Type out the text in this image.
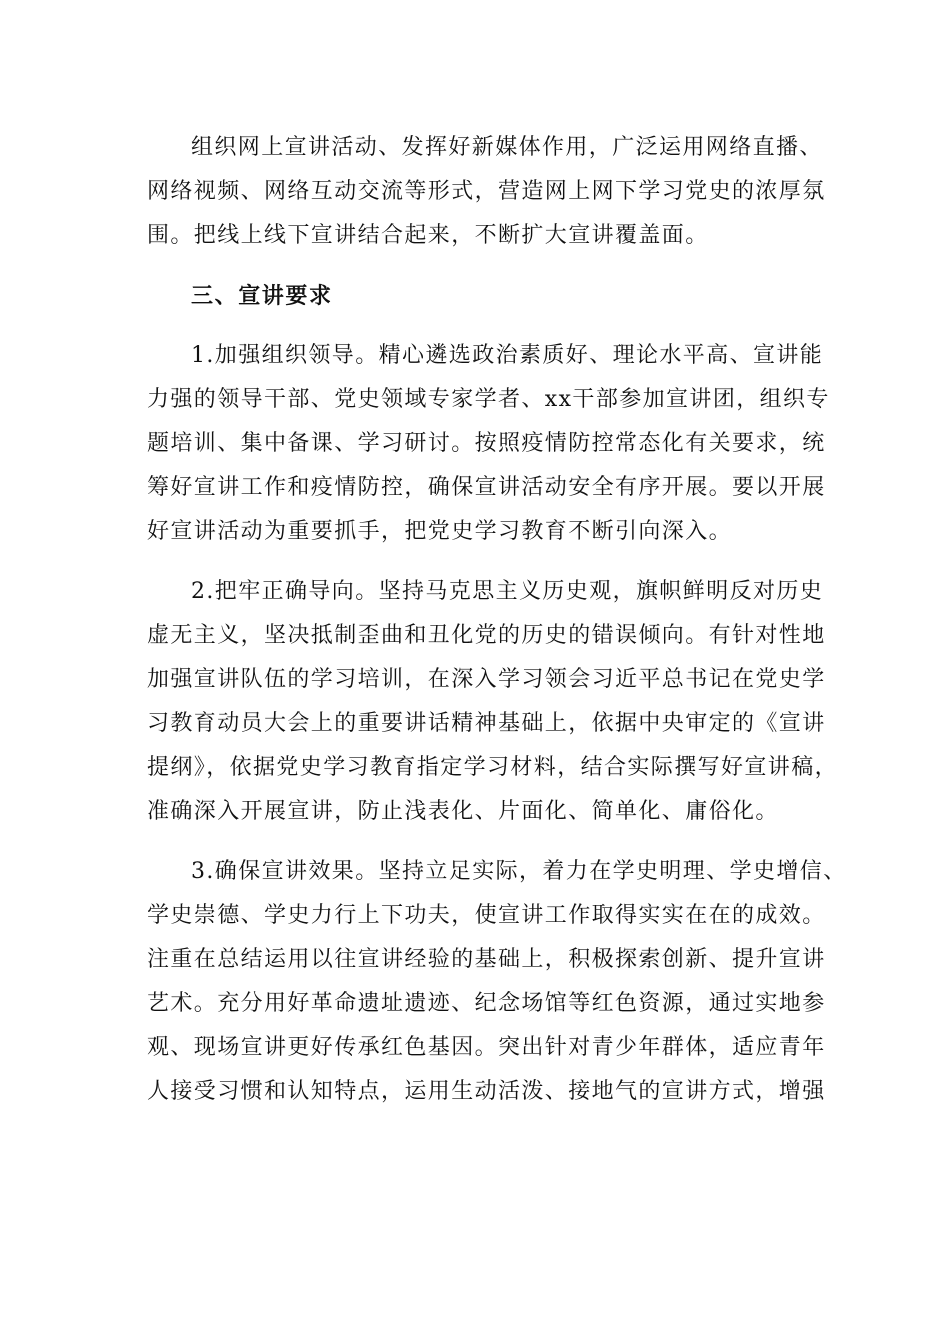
组织网上宣讲活动、发挥好新媒体作用，广泛运用网络直播、
网络视频、网络互动交流等形式，营造网上网下学习党史的浓厚氛
围。把线上线下宣讲结合起来，不断扩大宣讲覆盖面。
三、宣讲要求
1.加强组织领导。精心遴选政治素质好、理论水平高、宣讲能
力强的领导干部、党史领域专家学者、xx干部参加宣讲团，组织专
题培训、集中备课、学习研讨。按照疫情防控常态化有关要求，统
筹好宣讲工作和疫情防控，确保宣讲活动安全有序开展。要以开展
好宣讲活动为重要抓手，把党史学习教育不断引向深入。
2.把牢正确导向。坚持马克思主义历史观，旗帜鲜明反对历史
虚无主义，坚决抵制歪曲和丑化党的历史的错误倾向。有针对性地
加强宣讲队伍的学习培训，在深入学习领会习近平总书记在党史学
习教育动员大会上的重要讲话精神基础上，依据中央审定的《宣讲
提纲》，依据党史学习教育指定学习材料，结合实际撰写好宣讲稿，
准确深入开展宣讲，防止浅表化、片面化、简单化、庸俗化。
3.确保宣讲效果。坚持立足实际，着力在学史明理、学史增信、
学史崇德、学史力行上下功夫，使宣讲工作取得实实在在的成效。
注重在总结运用以往宣讲经验的基础上，积极探索创新、提升宣讲
艺术。充分用好革命遗址遗迹、纪念场馆等红色资源，通过实地参
观、现场宣讲更好传承红色基因。突出针对青少年群体，适应青年
人接受习惯和认知特点，运用生动活泼、接地气的宣讲方式，增强
